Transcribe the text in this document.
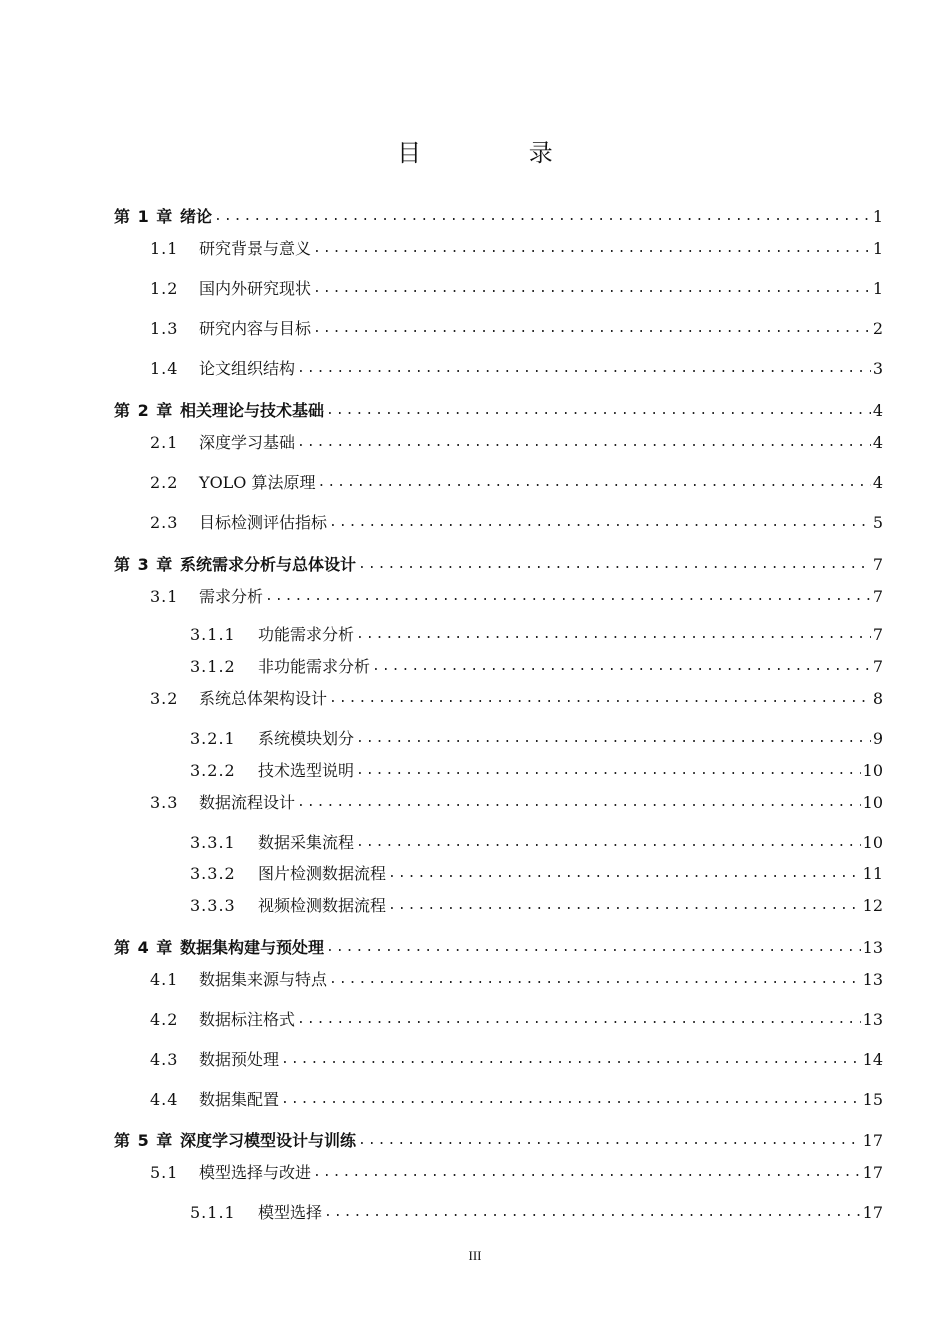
目 录
第 1 章 绪论 .....	1
1.1	研究背景与意义 .....	1
1.2	国内外研究现状 .....	1
1.3	研究内容与目标 .....	2
1.4	论文组织结构 .....	3
第 2 章 相关理论与技术基础 .....	4
2.1	深度学习基础 .....	4
2.2	YOLO 算法原理 .....	4
2.3	目标检测评估指标 .....	5
第 3 章 系统需求分析与总体设计 .....	7
3.1	需求分析 .....	7
3.1.1	功能需求分析 .....	7
3.1.2	非功能需求分析 .....	7
3.2	系统总体架构设计 .....	8
3.2.1	系统模块划分 .....	9
3.2.2	技术选型说明 .....	10
3.3	数据流程设计 .....	10
3.3.1	数据采集流程 .....	10
3.3.2	图片检测数据流程 .....	11
3.3.3	视频检测数据流程 .....	12
第 4 章 数据集构建与预处理 .....	13
4.1	数据集来源与特点 .....	13
4.2	数据标注格式 .....	13
4.3	数据预处理 .....	14
4.4	数据集配置 .....	15
第 5 章 深度学习模型设计与训练 .....	17
5.1	模型选择与改进 .....	17
5.1.1	模型选择 .....	17
III
